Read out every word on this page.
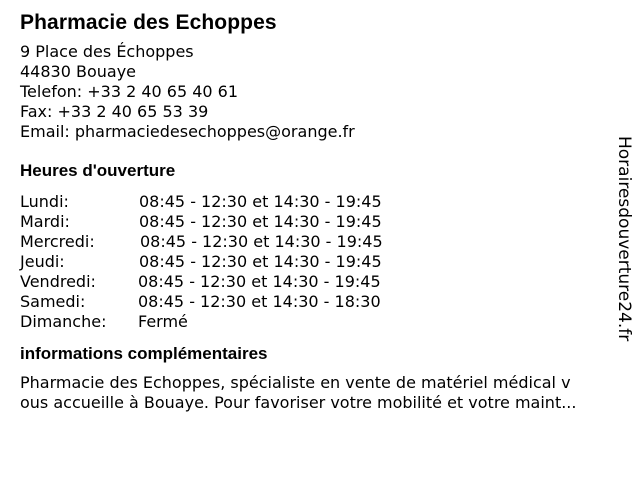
Pharmacie des Echoppes
9 Place des Échoppes
44830 Bouaye
Telefon: +33 2 40 65 40 61
Fax: +33 2 40 65 53 39
Email: pharmaciedesechoppes@orange.fr
Heures d'ouverture
Lundi:	08:45 - 12:30 et 14:30 - 19:45
Mardi:	08:45 - 12:30 et 14:30 - 19:45
Mercredi:	08:45 - 12:30 et 14:30 - 19:45
Jeudi:	08:45 - 12:30 et 14:30 - 19:45
Vendredi:	08:45 - 12:30 et 14:30 - 19:45
Samedi:	08:45 - 12:30 et 14:30 - 18:30
Dimanche: Fermé
informations complémentaires
Pharmacie des Echoppes, spécialiste en vente de matériel médical v
ous accueille à Bouaye. Pour favoriser votre mobilité et votre maint...
Horairesdouverture24.fr
